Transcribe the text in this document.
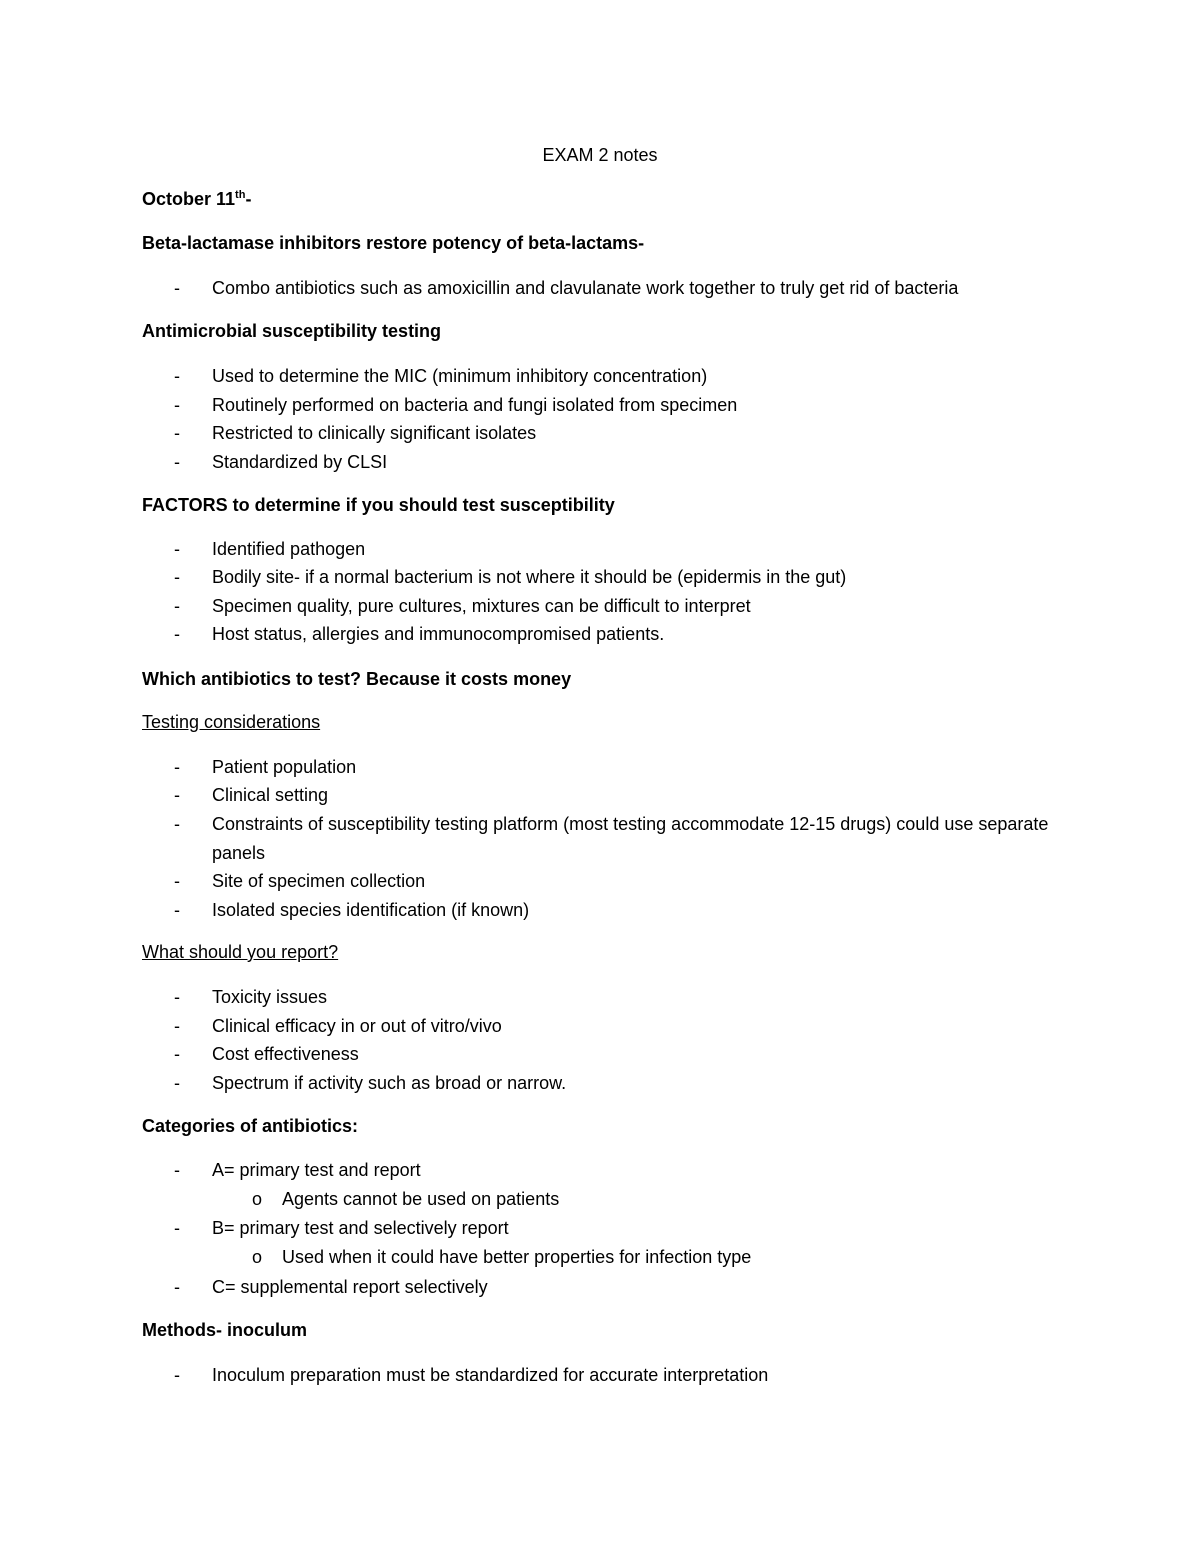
EXAM 2 notes
October 11th-
Beta-lactamase inhibitors restore potency of beta-lactams-
- Combo antibiotics such as amoxicillin and clavulanate work together to truly get rid of bacteria
Antimicrobial susceptibility testing
- Used to determine the MIC (minimum inhibitory concentration)
- Routinely performed on bacteria and fungi isolated from specimen
- Restricted to clinically significant isolates
- Standardized by CLSI
FACTORS to determine if you should test susceptibility
- Identified pathogen
- Bodily site- if a normal bacterium is not where it should be (epidermis in the gut)
- Specimen quality, pure cultures, mixtures can be difficult to interpret
- Host status, allergies and immunocompromised patients.
Which antibiotics to test? Because it costs money
Testing considerations
- Patient population
- Clinical setting
- Constraints of susceptibility testing platform (most testing accommodate 12-15 drugs) could use separate panels
- Site of specimen collection
- Isolated species identification (if known)
What should you report?
- Toxicity issues
- Clinical efficacy in or out of vitro/vivo
- Cost effectiveness
- Spectrum if activity such as broad or narrow.
Categories of antibiotics:
- A= primary test and report
o Agents cannot be used on patients
- B= primary test and selectively report
o Used when it could have better properties for infection type
- C= supplemental report selectively
Methods- inoculum
- Inoculum preparation must be standardized for accurate interpretation
